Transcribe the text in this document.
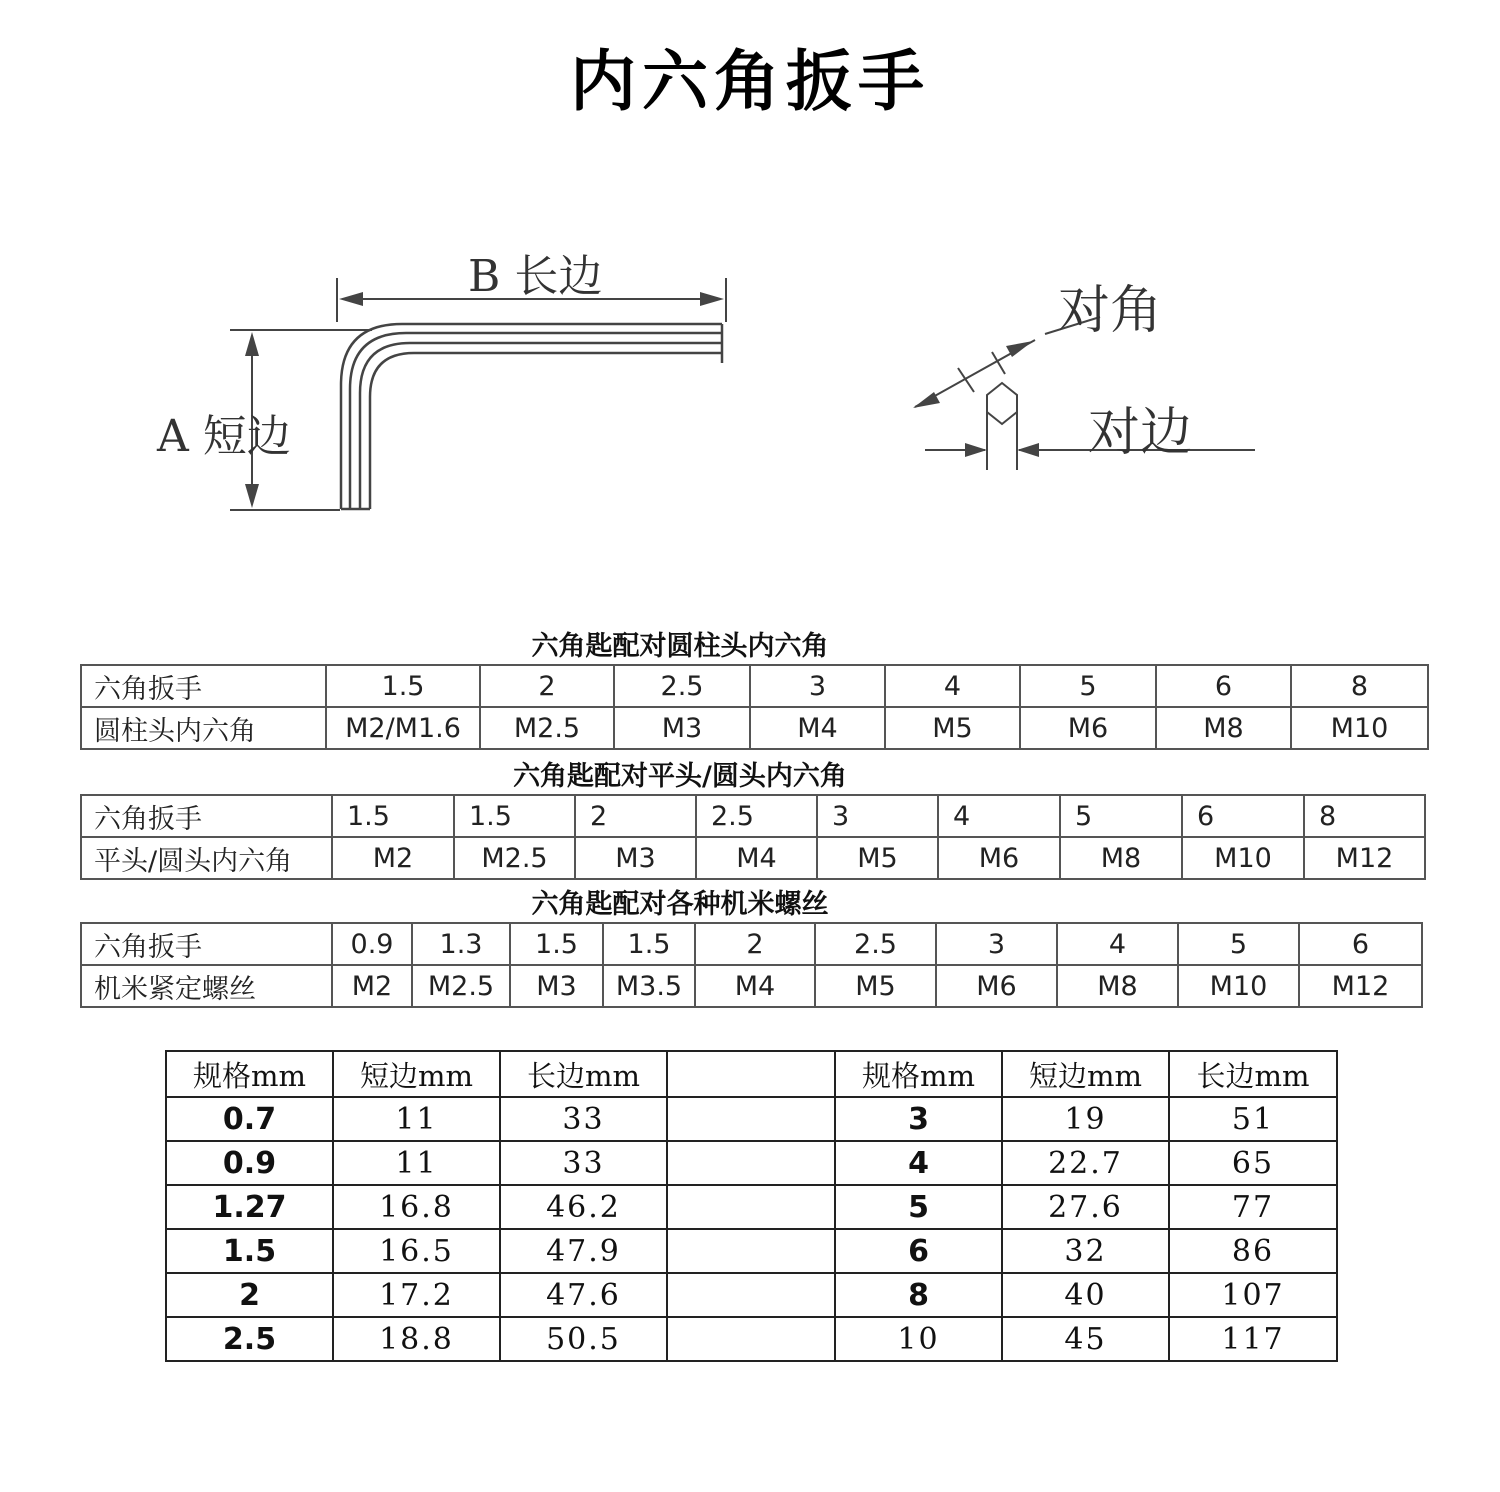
内六角扳手
B 长边
A 短边
对角
对边
六角匙配对圆柱头内六角
六角扳手	1.5	2	2.5	3	4	5	6	8
圆柱头内六角	M2/M1.6	M2.5	M3	M4	M5	M6	M8	M10
六角匙配对平头/圆头内六角
六角扳手	1.5	1.5	2	2.5	3	4	5	6	8
平头/圆头内六角	M2	M2.5	M3	M4	M5	M6	M8	M10	M12
六角匙配对各种机米螺丝
六角扳手	0.9	1.3	1.5	1.5	2	2.5	3	4	5	6
机米紧定螺丝	M2	M2.5	M3	M3.5	M4	M5	M6	M8	M10	M12
规格mm	短边mm	长边mm		规格mm	短边mm	长边mm
0.7	11	33		3	19	51
0.9	11	33		4	22.7	65
1.27	16.8	46.2		5	27.6	77
1.5	16.5	47.9		6	32	86
2	17.2	47.6		8	40	107
2.5	18.8	50.5		10	45	117
